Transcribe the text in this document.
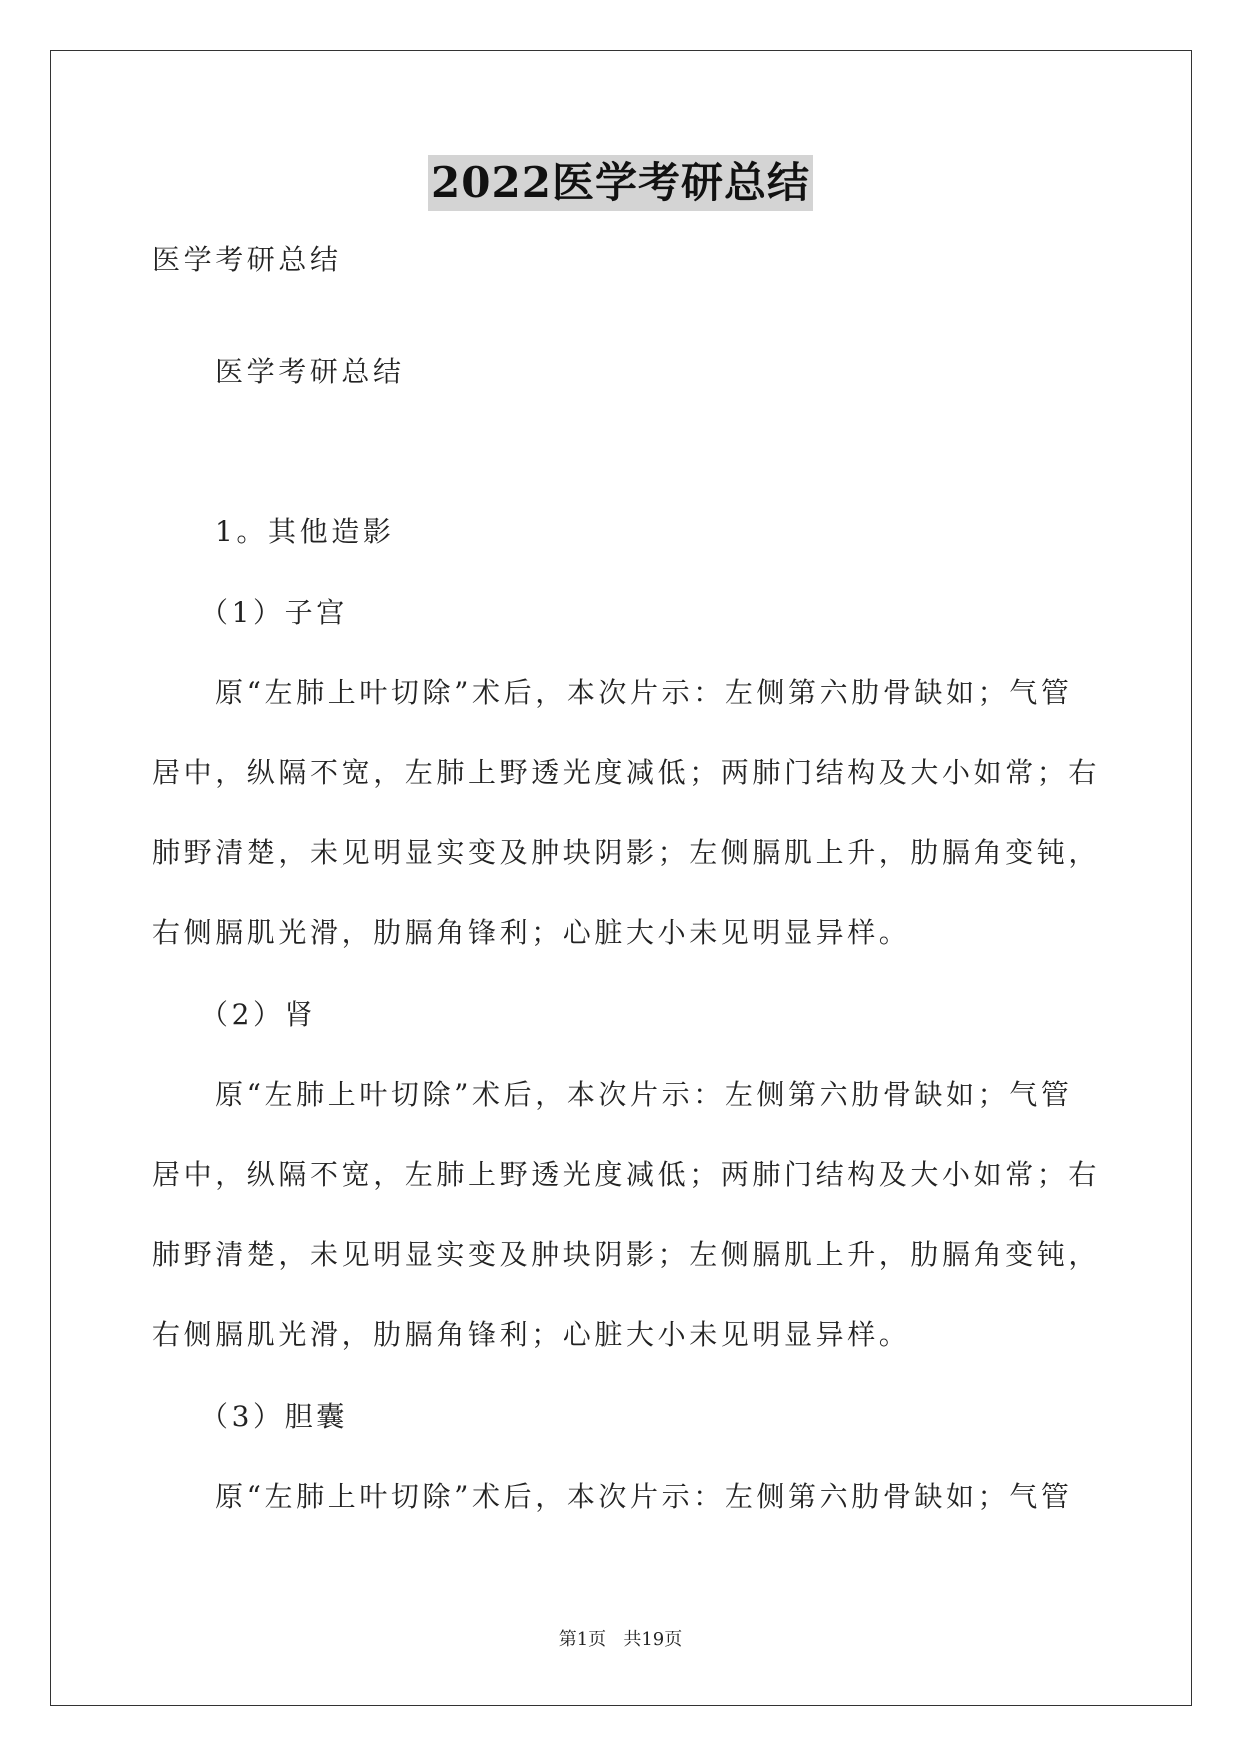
2022医学考研总结
医学考研总结
医学考研总结
1。其他造影
（1）子宫
原“左肺上叶切除”术后，本次片示：左侧第六肋骨缺如；气管
居中，纵隔不宽，左肺上野透光度减低；两肺门结构及大小如常；右
肺野清楚，未见明显实变及肿块阴影；左侧膈肌上升，肋膈角变钝，
右侧膈肌光滑，肋膈角锋利；心脏大小未见明显异样。
（2）肾
原“左肺上叶切除”术后，本次片示：左侧第六肋骨缺如；气管
居中，纵隔不宽，左肺上野透光度减低；两肺门结构及大小如常；右
肺野清楚，未见明显实变及肿块阴影；左侧膈肌上升，肋膈角变钝，
右侧膈肌光滑，肋膈角锋利；心脏大小未见明显异样。
（3）胆囊
原“左肺上叶切除”术后，本次片示：左侧第六肋骨缺如；气管
第1页   共19页
